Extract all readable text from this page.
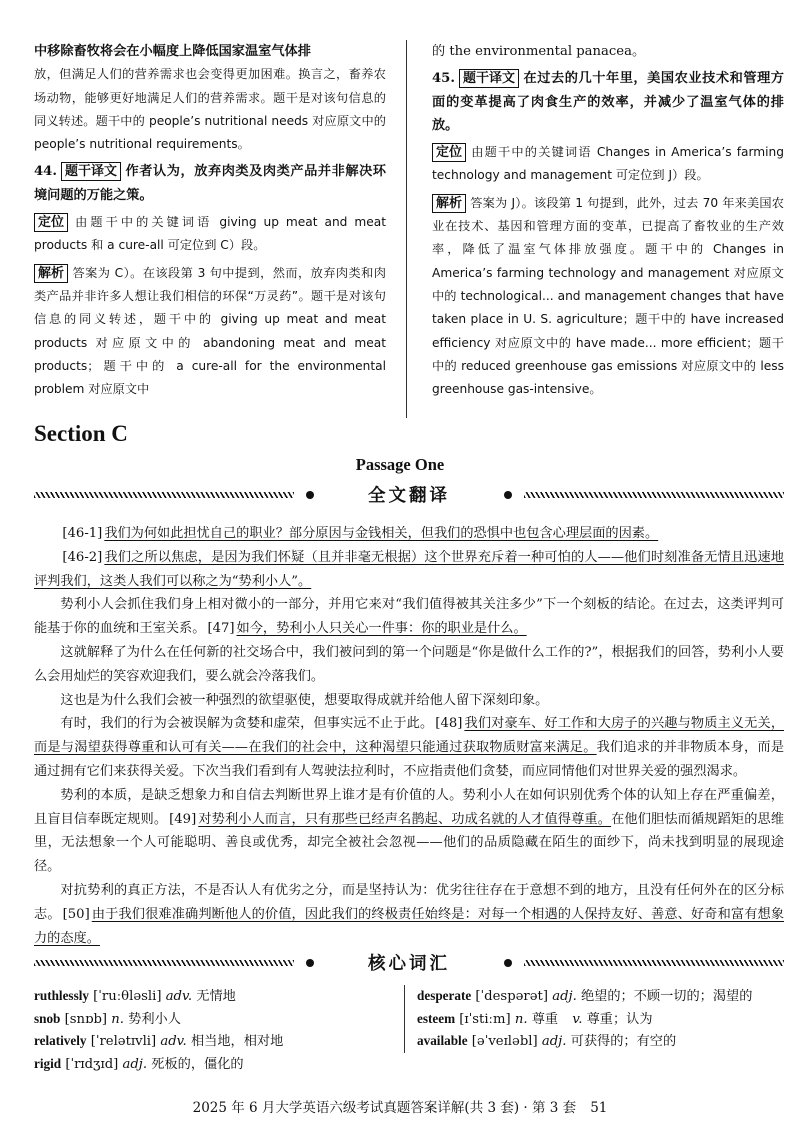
中移除畜牧将会在小幅度上降低国家温室气体排

放，但满足人们的营养需求也会变得更加困难。换言之，畜养农场动物，能够更好地满足人们的营养需求。题干是对该句信息的同义转述。题干中的 people’s nutritional needs 对应原文中的 people’s nutritional requirements。

44. 题干译文 作者认为，放弃肉类及肉类产品并非解决环境问题的万能之策。

定位 由题干中的关键词语 giving up meat and meat products 和 a cure-all 可定位到 C）段。

解析 答案为 C）。在该段第 3 句中提到，然而，放弃肉类和肉类产品并非许多人想让我们相信的环保“万灵药”。题干是对该句信息的同义转述，题干中的 giving up meat and meat products 对应原文中的 abandoning meat and meat products；题干中的 a cure-all for the environmental problem 对应原文中

的 the environmental panacea。

45. 题干译文 在过去的几十年里，美国农业技术和管理方面的变革提高了肉食生产的效率，并减少了温室气体的排放。

定位 由题干中的关键词语 Changes in America’s farming technology and management 可定位到 J）段。

解析 答案为 J）。该段第 1 句提到，此外，过去 70 年来美国农业在技术、基因和管理方面的变革，已提高了畜牧业的生产效率，降低了温室气体排放强度。题干中的 Changes in America’s farming technology and management 对应原文中的 technological... and management changes that have taken place in U. S. agriculture；题干中的 have increased efficiency 对应原文中的 have made... more efficient；题干中的 reduced greenhouse gas emissions 对应原文中的 less greenhouse gas-intensive。

Section C
Passage One
全文翻译

[46-1] 我们为何如此担忧自己的职业？部分原因与金钱相关，但我们的恐惧中也包含心理层面的因素。

[46-2] 我们之所以焦虑，是因为我们怀疑（且并非毫无根据）这个世界充斥着一种可怕的人——他们时刻准备无情且迅速地评判我们，这类人我们可以称之为“势利小人”。

势利小人会抓住我们身上相对微小的一部分，并用它来对“我们值得被其关注多少”下一个刻板的结论。在过去，这类评判可能基于你的血统和王室关系。 [47] 如今，势利小人只关心一件事：你的职业是什么。

这就解释了为什么在任何新的社交场合中，我们被问到的第一个问题是“你是做什么工作的?”，根据我们的回答，势利小人要么会用灿烂的笑容欢迎我们，要么就会冷落我们。

这也是为什么我们会被一种强烈的欲望驱使，想要取得成就并给他人留下深刻印象。

有时，我们的行为会被误解为贪婪和虚荣，但事实远不止于此。 [48] 我们对豪车、好工作和大房子的兴趣与物质主义无关，而是与渴望获得尊重和认可有关——在我们的社会中，这种渴望只能通过获取物质财富来满足。我们追求的并非物质本身，而是通过拥有它们来获得关爱。下次当我们看到有人驾驶法拉利时，不应指责他们贪婪，而应同情他们对世界关爱的强烈渴求。

势利的本质，是缺乏想象力和自信去判断世界上谁才是有价值的人。势利小人在如何识别优秀个体的认知上存在严重偏差，且盲目信奉既定规则。 [49] 对势利小人而言，只有那些已经声名鹊起、功成名就的人才值得尊重。在他们胆怯而循规蹈矩的思维里，无法想象一个人可能聪明、善良或优秀，却完全被社会忽视——他们的品质隐藏在陌生的面纱下，尚未找到明显的展现途径。

对抗势利的真正方法，不是否认人有优劣之分，而是坚持认为：优劣往往存在于意想不到的地方，且没有任何外在的区分标志。 [50] 由于我们很难准确判断他人的价值，因此我们的终极责任始终是：对每一个相遇的人保持友好、善意、好奇和富有想象力的态度。

核心词汇

ruthlessly [ˈruːθləsli] adv. 无情地

snob [snɒb] n. 势利小人

relatively [ˈrelətɪvli] adv. 相当地，相对地

rigid [ˈrɪdʒɪd] adj. 死板的，僵化的

desperate [ˈdespərət] adj. 绝望的；不顾一切的；渴望的

esteem [ɪˈstiːm] n. 尊重 v. 尊重；认为

available [əˈveɪləbl] adj. 可获得的；有空的

2025 年 6 月大学英语六级考试真题答案详解(共 3 套) · 第 3 套 51
